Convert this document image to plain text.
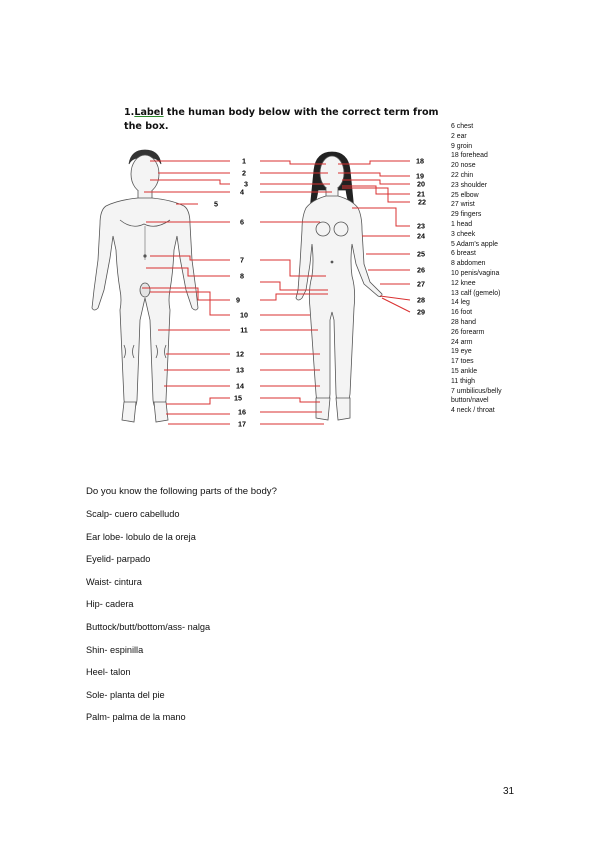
1.Label the human body below with the correct term from the box.
1
2
3
4
5
6
7
8
9
10
11
12
13
14
15
16
17
18
19
20
21
22
23
24
25
26
27
28
29
6 chest
2 ear
9 groin
18 forehead
20 nose
22 chin
23 shoulder
25 elbow
27 wrist
29 fingers
1 head
3 cheek
5 Adam's apple
6 breast
8 abdomen
10 penis/vagina
12 knee
13 calf (gemelo)
14 leg
16 foot
28 hand
26 forearm
24 arm
19 eye
17 toes
15 ankle
11 thigh
7 umbilicus/belly
button/navel
4 neck / throat
Do you know the following parts of the body?
Scalp- cuero cabelludo
Ear lobe- lobulo de la oreja
Eyelid- parpado
Waist- cintura
Hip- cadera
Buttock/butt/bottom/ass- nalga
Shin- espinilla
Heel- talon
Sole- planta del pie
Palm- palma de la mano
31
